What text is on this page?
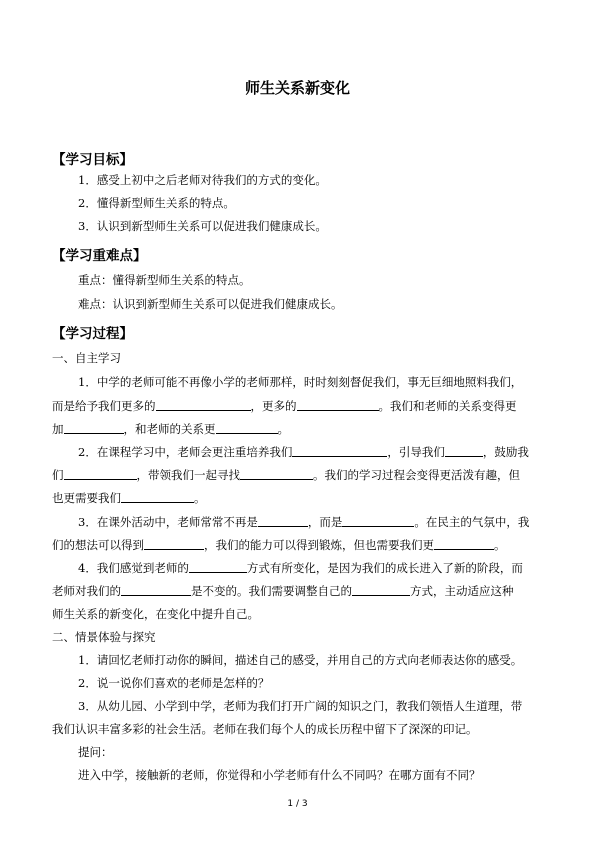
师生关系新变化
【学习目标】
1．感受上初中之后老师对待我们的方式的变化。
2．懂得新型师生关系的特点。
3．认识到新型师生关系可以促进我们健康成长。
【学习重难点】
重点：懂得新型师生关系的特点。
难点：认识到新型师生关系可以促进我们健康成长。
【学习过程】
一、自主学习
1．中学的老师可能不再像小学的老师那样，时时刻刻督促我们，事无巨细地照料我们，
而是给予我们更多的	，更多的	。我们和老师的关系变得更
加	，和老师的关系更	。
2．在课程学习中，老师会更注重培养我们	，引导我们	，鼓励我
们	，带领我们一起寻找	。我们的学习过程会变得更活泼有趣，但
也更需要我们	。
3．在课外活动中，老师常常不再是	，而是	。在民主的气氛中，我
们的想法可以得到	，我们的能力可以得到锻炼，但也需要我们更	。
4．我们感觉到老师的	方式有所变化，是因为我们的成长进入了新的阶段，而
老师对我们的	是不变的。我们需要调整自己的	方式，主动适应这种
师生关系的新变化，在变化中提升自己。
二、情景体验与探究
1．请回忆老师打动你的瞬间，描述自己的感受，并用自己的方式向老师表达你的感受。
2．说一说你们喜欢的老师是怎样的？
3．从幼儿园、小学到中学，老师为我们打开广阔的知识之门，教我们领悟人生道理，带
我们认识丰富多彩的社会生活。老师在我们每个人的成长历程中留下了深深的印记。
提问：
进入中学，接触新的老师，你觉得和小学老师有什么不同吗？在哪方面有不同？
1 / 3
